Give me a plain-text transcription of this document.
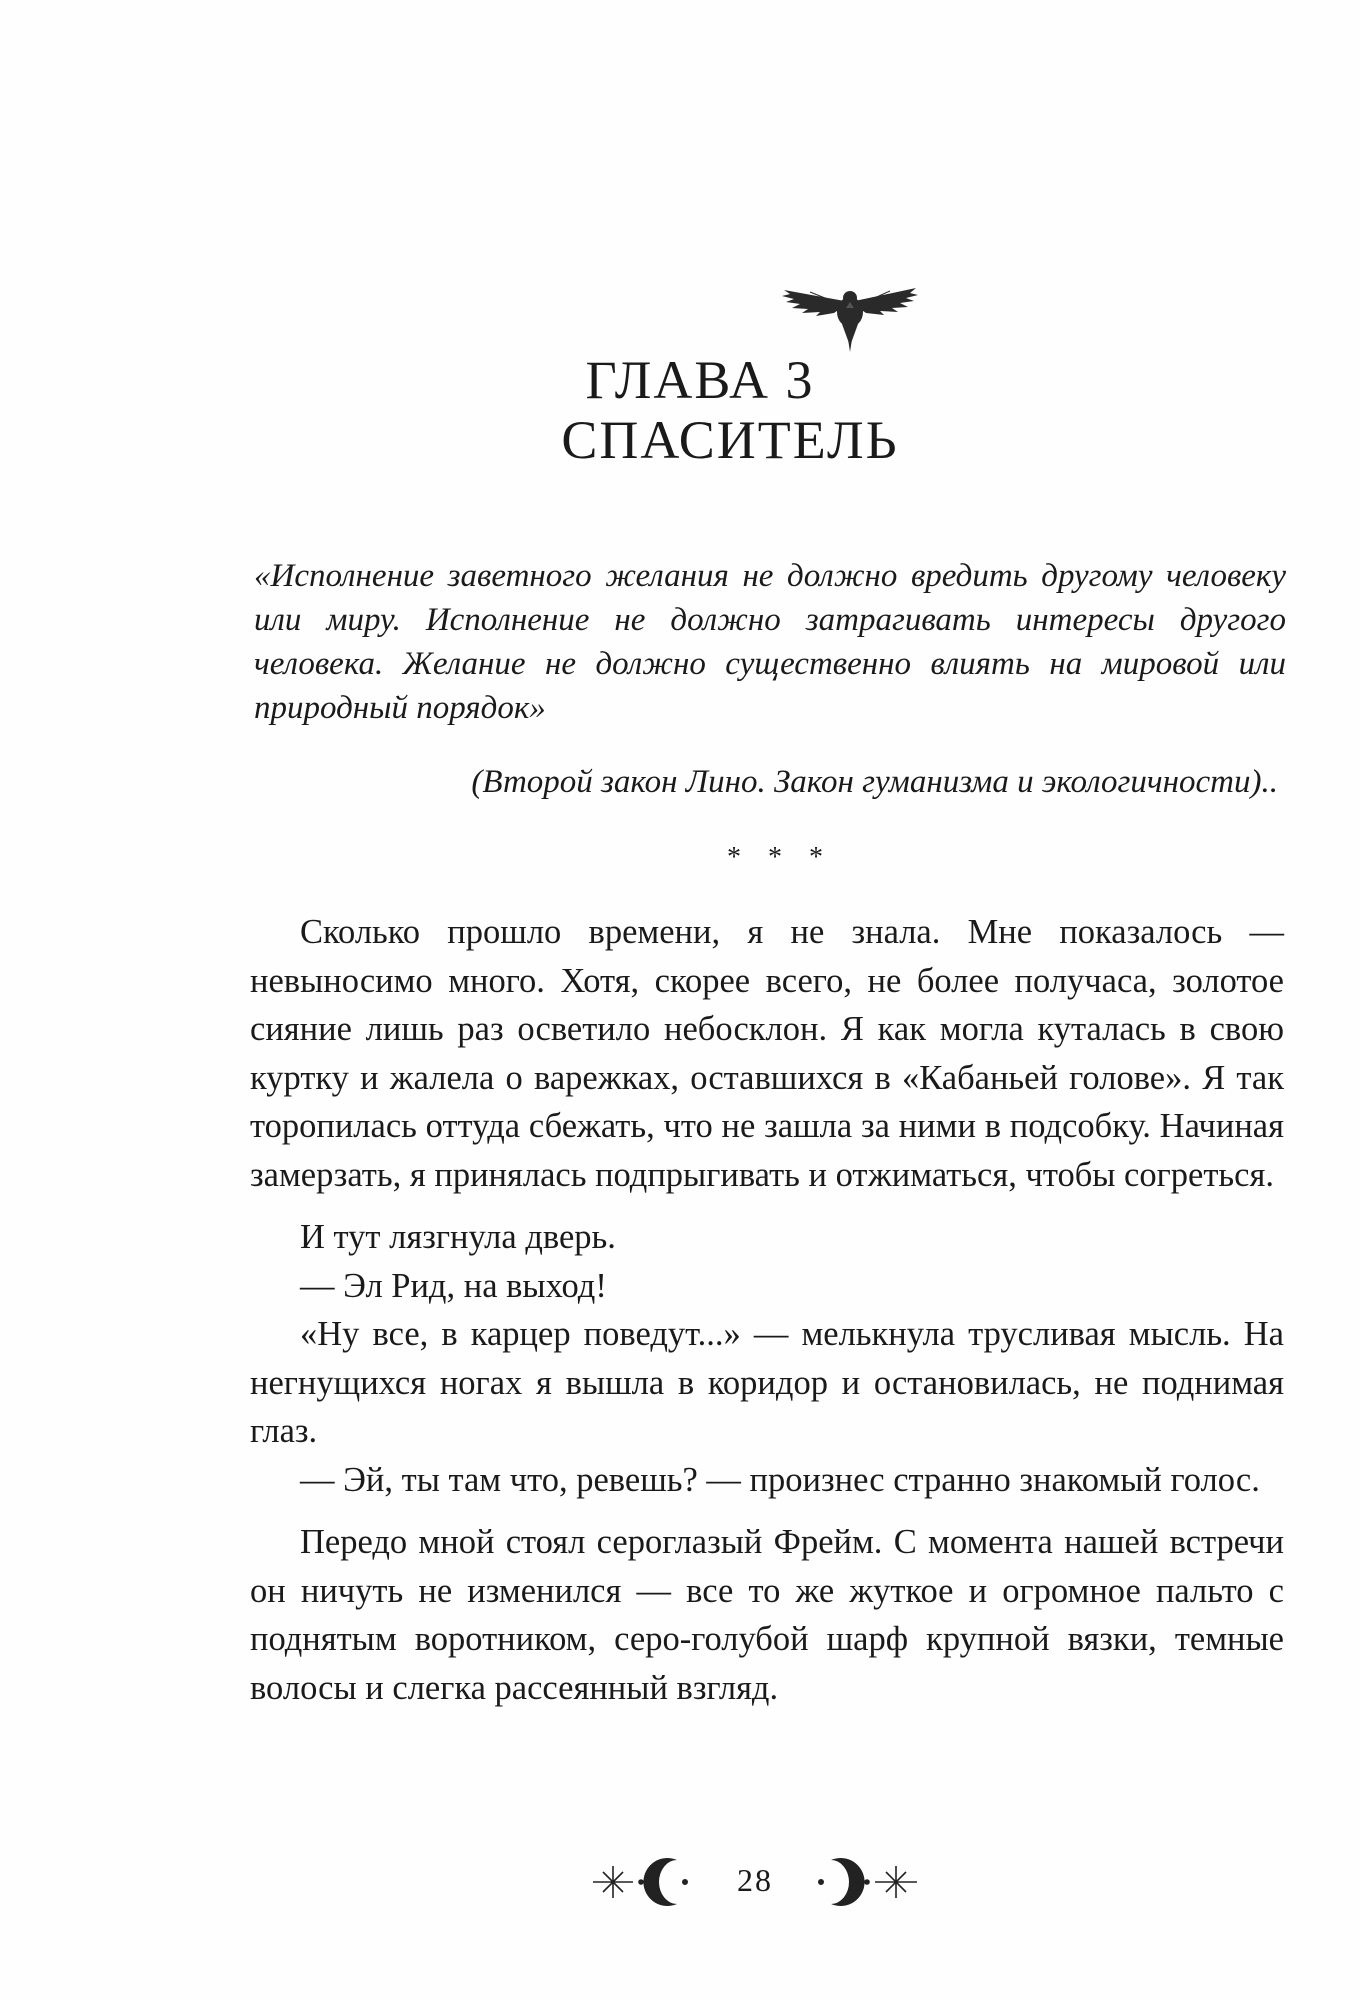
ГЛАВА 3
СПАСИТЕЛЬ

«Исполнение заветного желания не должно вредить другому человеку или миру. Исполнение не должно затрагивать интересы другого человека. Желание не должно существенно влиять на мировой или природный порядок»

(Второй закон Лино. Закон гуманизма и экологичности)..

* * *

Сколько прошло времени, я не знала. Мне показалось — невыносимо много. Хотя, скорее всего, не более получаса, золотое сияние лишь раз осветило небосклон. Я как могла куталась в свою куртку и жалела о варежках, оставшихся в «Кабаньей голове». Я так торопилась оттуда сбежать, что не зашла за ними в подсобку. Начиная замерзать, я принялась подпрыгивать и отжиматься, чтобы согреться.

И тут лязгнула дверь.

— Эл Рид, на выход!

«Ну все, в карцер поведут...» — мелькнула трусливая мысль. На негнущихся ногах я вышла в коридор и остановилась, не поднимая глаз.

— Эй, ты там что, ревешь? — произнес странно знакомый голос.

Передо мной стоял сероглазый Фрейм. С момента нашей встречи он ничуть не изменился — все то же жуткое и огромное пальто с поднятым воротником, серо-голубой шарф крупной вязки, темные волосы и слегка рассеянный взгляд.

28
